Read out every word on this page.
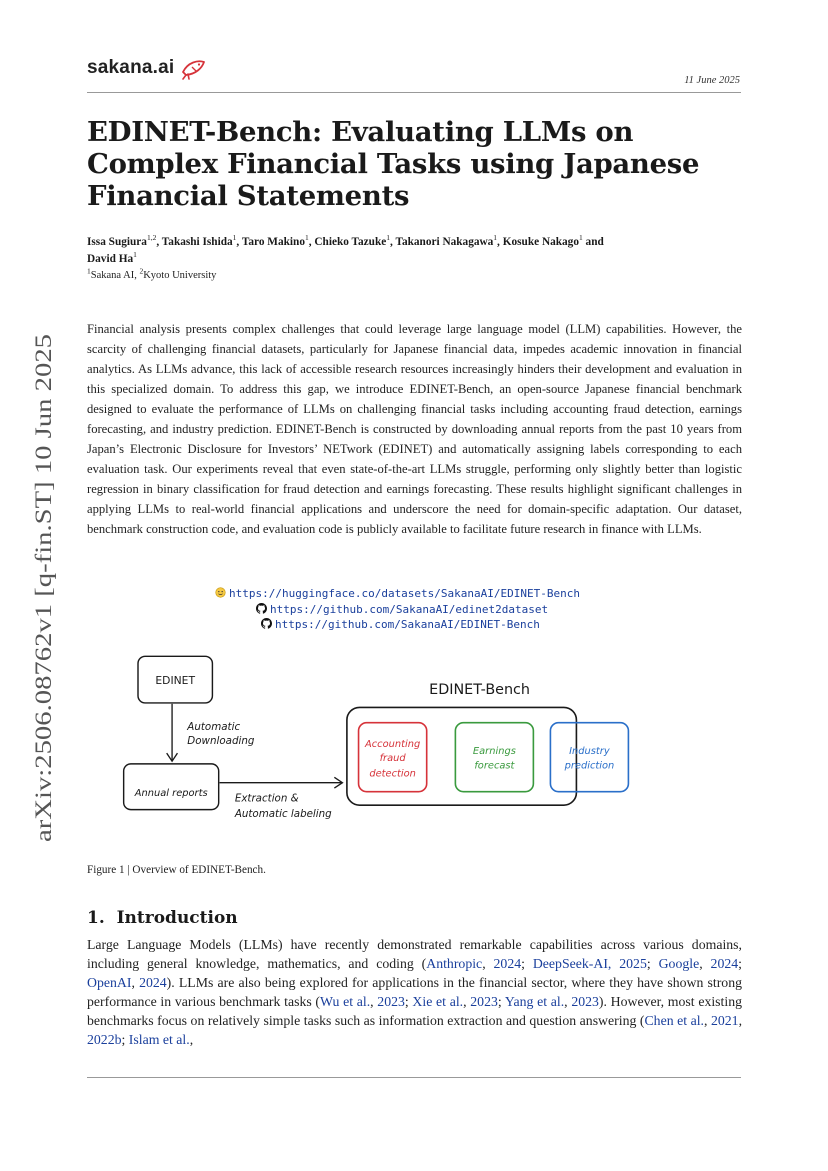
sakana.ai
11 June 2025
arXiv:2506.08762v1 [q-fin.ST] 10 Jun 2025
EDINET-Bench: Evaluating LLMs on Complex Financial Tasks using Japanese Financial Statements
Issa Sugiura$^{1,2}$, Takashi Ishida$^1$, Taro Makino$^1$, Chieko Tazuke$^1$, Takanori Nakagawa$^1$, Kosuke Nakago$^1$ and
David Ha$^1$
$^1$Sakana AI, $^2$Kyoto University
Financial analysis presents complex challenges that could leverage large language model (LLM) capabilities. However, the scarcity of challenging financial datasets, particularly for Japanese financial data, impedes academic innovation in financial analytics. As LLMs advance, this lack of accessible research resources increasingly hinders their development and evaluation in this specialized domain. To address this gap, we introduce EDINET-Bench, an open-source Japanese financial benchmark designed to evaluate the performance of LLMs on challenging financial tasks including accounting fraud detection, earnings forecasting, and industry prediction. EDINET-Bench is constructed by downloading annual reports from the past 10 years from Japan’s Electronic Disclosure for Investors’ NETwork (EDINET) and automatically assigning labels corresponding to each evaluation task. Our experiments reveal that even state-of-the-art LLMs struggle, performing only slightly better than logistic regression in binary classification for fraud detection and earnings forecasting. These results highlight significant challenges in applying LLMs to real-world financial applications and underscore the need for domain-specific adaptation. Our dataset, benchmark construction code, and evaluation code is publicly available to facilitate future research in finance with LLMs.
https://huggingface.co/datasets/SakanaAI/EDINET-Bench
https://github.com/SakanaAI/edinet2dataset
https://github.com/SakanaAI/EDINET-Bench
EDINET
Automatic
Downloading
Annual reports Extraction &
Automatic labeling
EDINET-Bench
Accounting
fraud
detection
Earnings
forecast
Industry
prediction
Figure 1 | Overview of EDINET-Bench.
1. Introduction
Large Language Models (LLMs) have recently demonstrated remarkable capabilities across various domains, including general knowledge, mathematics, and coding (Anthropic, 2024; DeepSeek-AI, 2025; Google, 2024; OpenAI, 2024). LLMs are also being explored for applications in the financial sector, where they have shown strong performance in various benchmark tasks (Wu et al., 2023; Xie et al., 2023; Yang et al., 2023). However, most existing benchmarks focus on relatively simple tasks such as information extraction and question answering (Chen et al., 2021, 2022b; Islam et al.,
